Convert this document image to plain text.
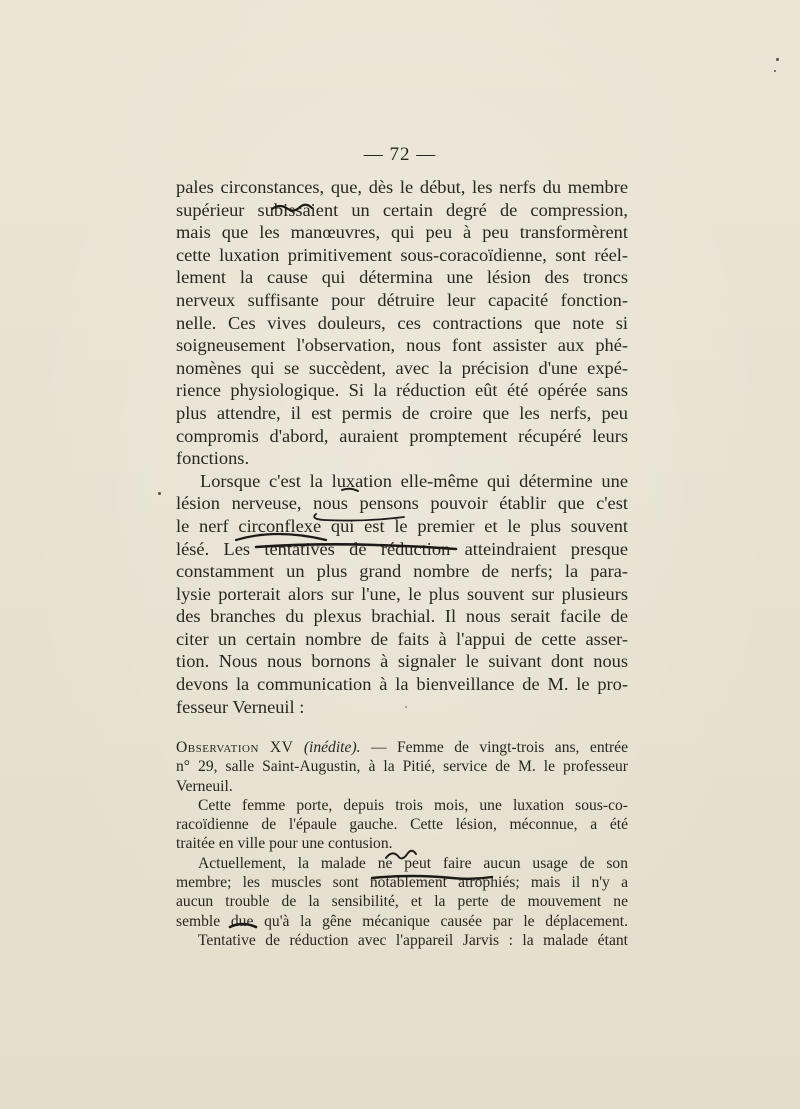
— 72 —
pales circonstances, que, dès le début, les nerfs du membre
supérieur subissaient un certain degré de compression,
mais que les manœuvres, qui peu à peu transformèrent
cette luxation primitivement sous-coracoïdienne, sont réel-
lement la cause qui détermina une lésion des troncs
nerveux suffisante pour détruire leur capacité fonction-
nelle. Ces vives douleurs, ces contractions que note si
soigneusement l'observation, nous font assister aux phé-
nomènes qui se succèdent, avec la précision d'une expé-
rience physiologique. Si la réduction eût été opérée sans
plus attendre, il est permis de croire que les nerfs, peu
compromis d'abord, auraient promptement récupéré leurs
fonctions.
Lorsque c'est la luxation elle-même qui détermine une
lésion nerveuse, nous pensons pouvoir établir que c'est
le nerf circonflexe qui est le premier et le plus souvent
lésé. Les tentatives de réduction atteindraient presque
constamment un plus grand nombre de nerfs; la para-
lysie porterait alors sur l'une, le plus souvent sur plusieurs
des branches du plexus brachial. Il nous serait facile de
citer un certain nombre de faits à l'appui de cette asser-
tion. Nous nous bornons à signaler le suivant dont nous
devons la communication à la bienveillance de M. le pro-
fesseur Verneuil :
Observation XV (inédite). — Femme de vingt-trois ans, entrée
n° 29, salle Saint-Augustin, à la Pitié, service de M. le professeur
Verneuil.
Cette femme porte, depuis trois mois, une luxation sous-co-
racoïdienne de l'épaule gauche. Cette lésion, méconnue, a été
traitée en ville pour une contusion.
Actuellement, la malade ne peut faire aucun usage de son
membre; les muscles sont notablement atrophiés; mais il n'y a
aucun trouble de la sensibilité, et la perte de mouvement ne
semble due qu'à la gêne mécanique causée par le déplacement.
Tentative de réduction avec l'appareil Jarvis : la malade étant
